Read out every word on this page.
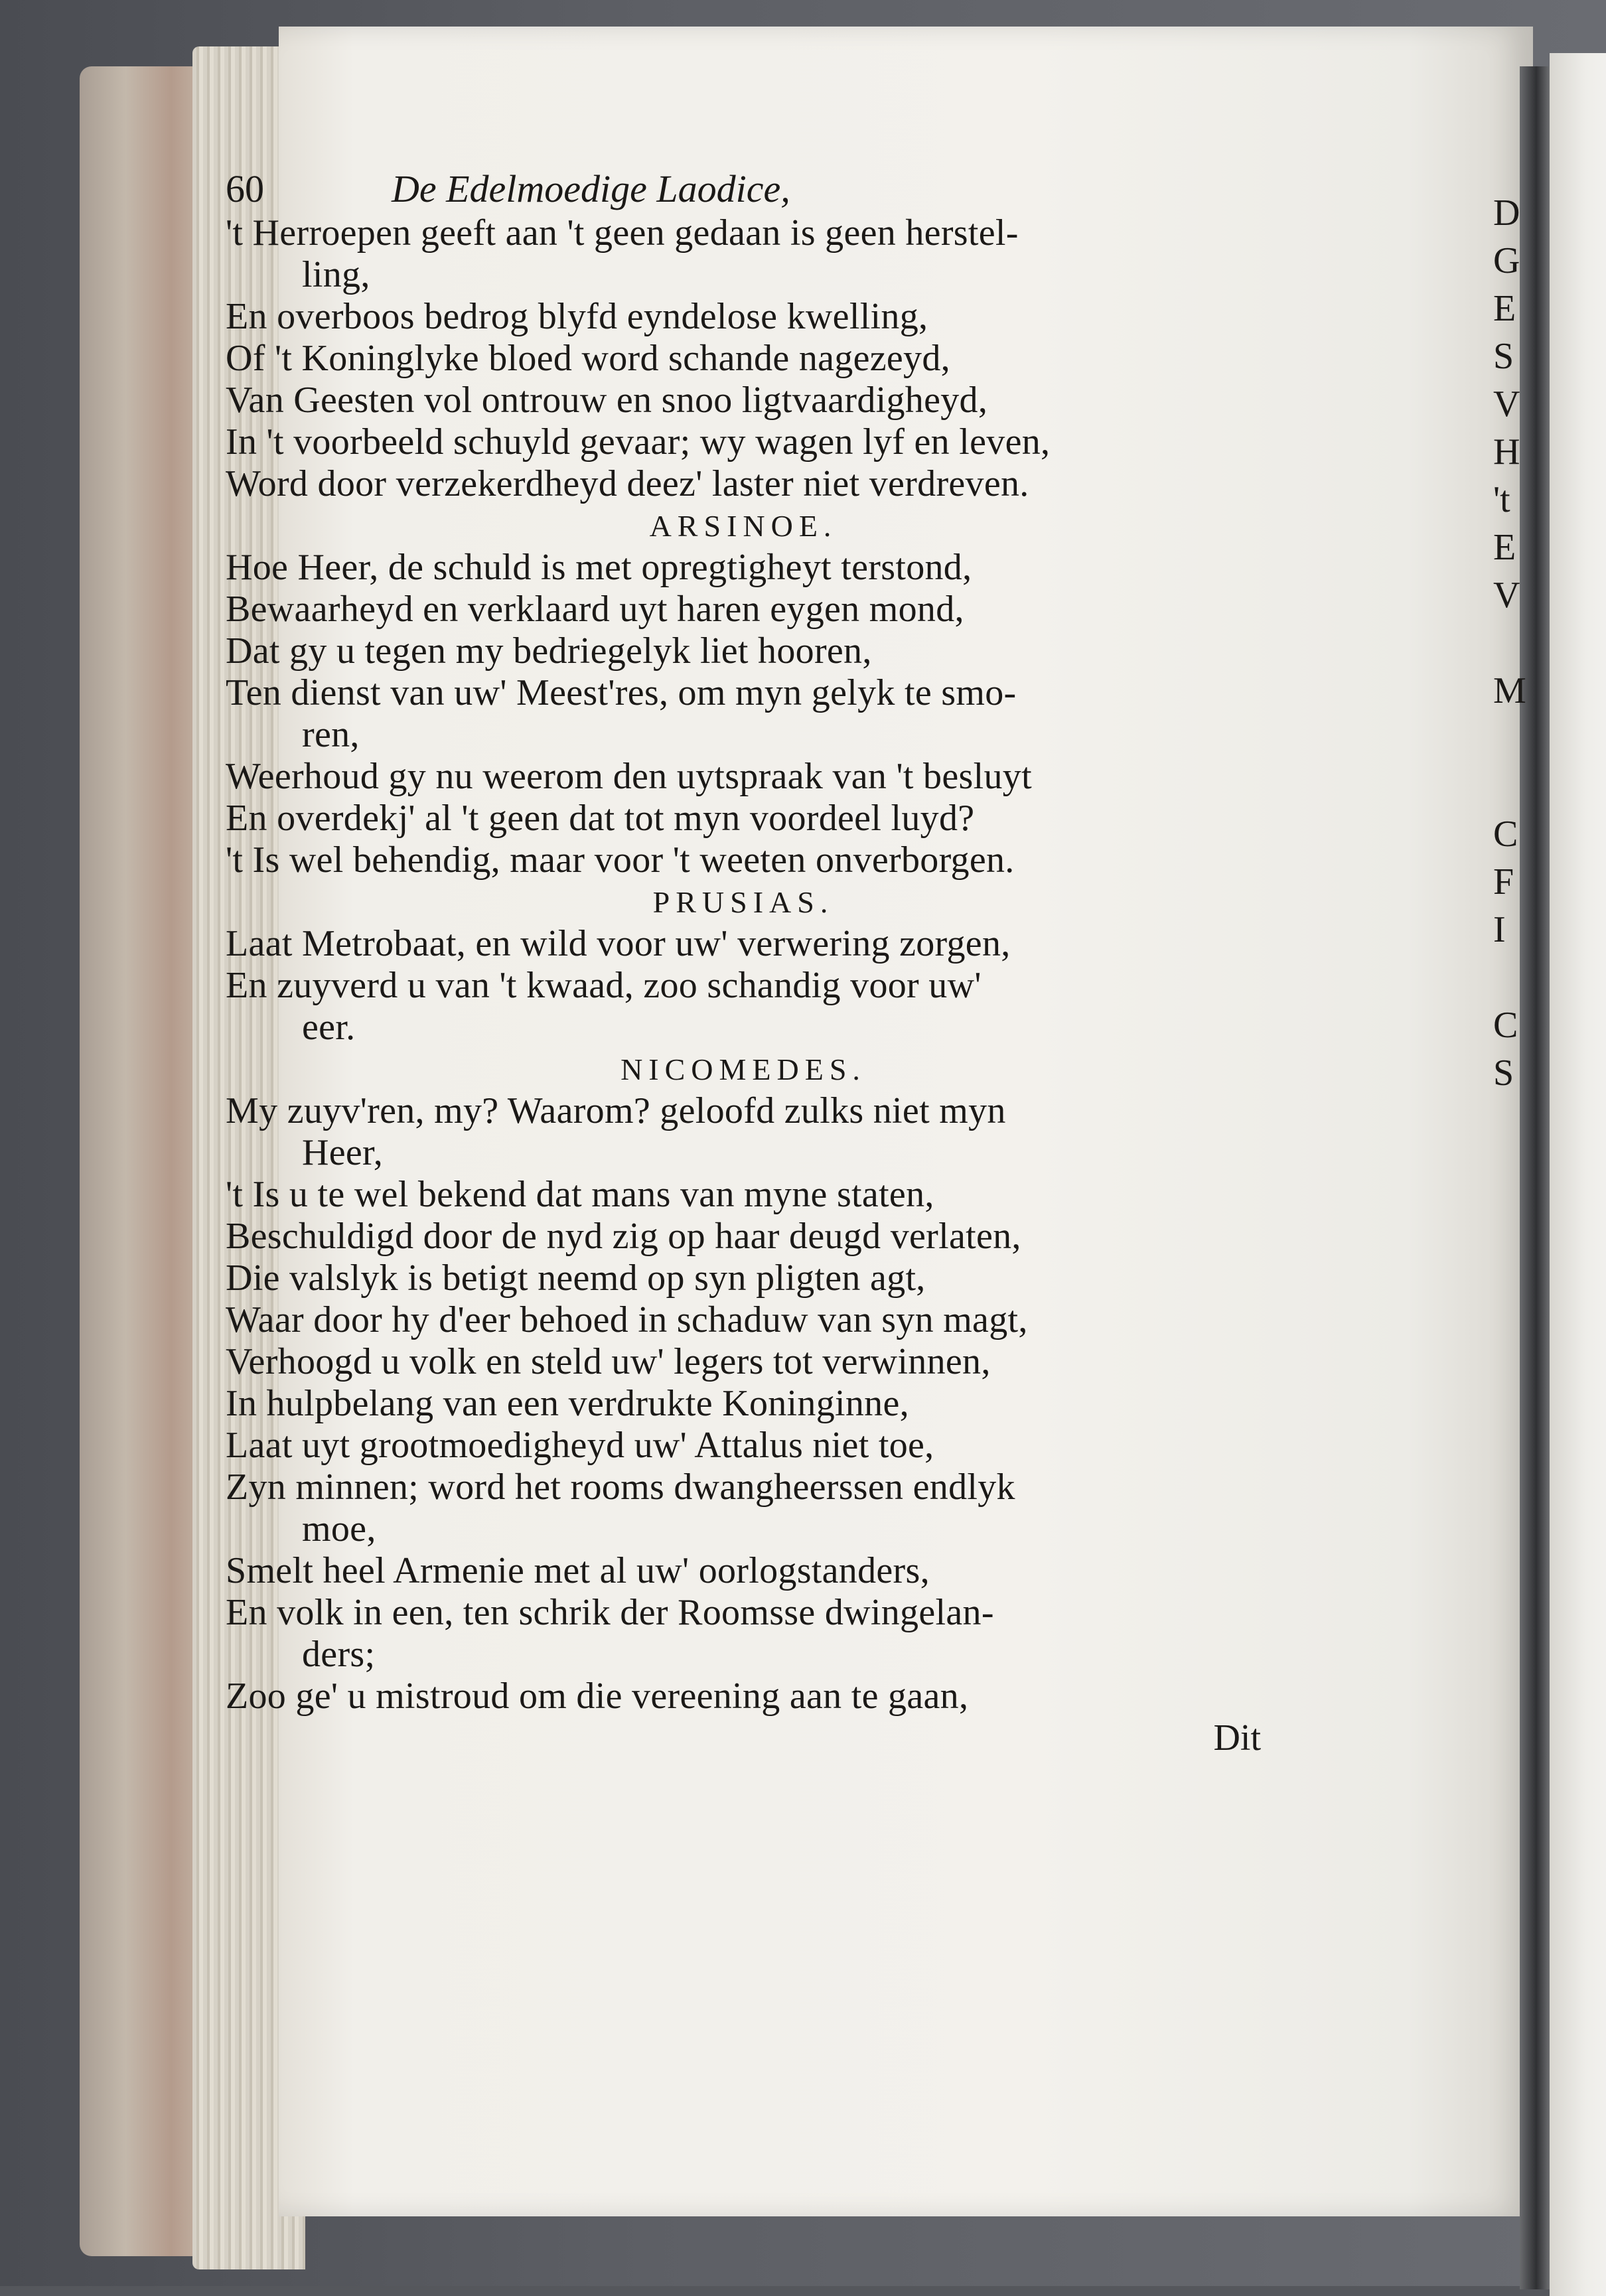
60	De Edelmoedige Laodice,
't Herroepen geeft aan 't geen gedaan is geen herstel-
ling,
En overboos bedrog blyfd eyndelose kwelling,
Of 't Koninglyke bloed word schande nagezeyd,
Van Geesten vol ontrouw en snoo ligtvaardigheyd,
In 't voorbeeld schuyld gevaar; wy wagen lyf en leven,
Word door verzekerdheyd deez' laster niet verdreven.
ARSINOE.
Hoe Heer, de schuld is met opregtigheyt terstond,
Bewaarheyd en verklaard uyt haren eygen mond,
Dat gy u tegen my bedriegelyk liet hooren,
Ten dienst van uw' Meest'res, om myn gelyk te smo-
ren,
Weerhoud gy nu weerom den uytspraak van 't besluyt
En overdekj' al 't geen dat tot myn voordeel luyd?
't Is wel behendig, maar voor 't weeten onverborgen.
PRUSIAS.
Laat Metrobaat, en wild voor uw' verwering zorgen,
En zuyverd u van 't kwaad, zoo schandig voor uw'
eer.
NICOMEDES.
My zuyv'ren, my? Waarom? geloofd zulks niet myn
Heer,
't Is u te wel bekend dat mans van myne staten,
Beschuldigd door de nyd zig op haar deugd verlaten,
Die valslyk is betigt neemd op syn pligten agt,
Waar door hy d'eer behoed in schaduw van syn magt,
Verhoogd u volk en steld uw' legers tot verwinnen,
In hulpbelang van een verdrukte Koninginne,
Laat uyt grootmoedigheyd uw' Attalus niet toe,
Zyn minnen; word het rooms dwangheerssen endlyk
moe,
Smelt heel Armenie met al uw' oorlogstanders,
En volk in een, ten schrik der Roomsse dwingelan-
ders;
Zoo ge' u mistroud om die vereening aan te gaan,
Dit
D
G
E
S
V
H
't
E
V
M
C
F
I
C
S
